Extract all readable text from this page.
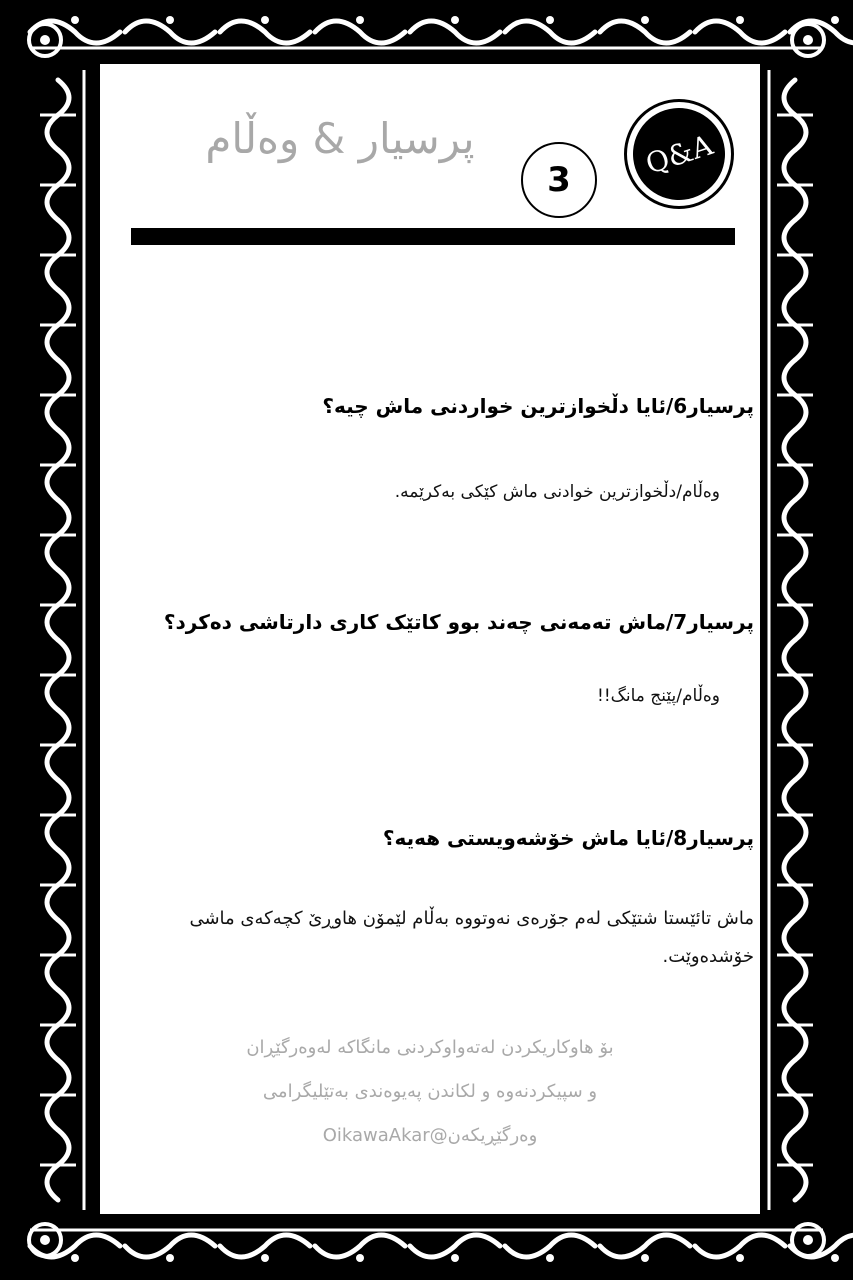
Q&A
3
پرسیار & وەڵام
پرسیار6/ئایا دڵخوازترین خواردنی ماش چیە؟
وەڵام/دڵخوازترین خوادنی ماش کێکی بەکرێمە.
پرسیار7/ماش تەمەنی چەند بوو کاتێک کاری دارتاشی دەکرد؟
وەڵام/پێنج مانگ!!
پرسیار8/ئایا ماش خۆشەویستی هەیە؟
ماش تائێستا شتێکی لەم جۆرەی نەوتووە بەڵام لێمۆن هاوڕێ کچەکەی ماشی خۆشدەوێت.
بۆ هاوکاریکردن لەتەواوکردنی مانگاکە لەوەرگێڕان
و سپیکردنەوە و لکاندن پەیوەندی بەتێلیگرامی
وەرگێڕیکەن@OikawaAkar
